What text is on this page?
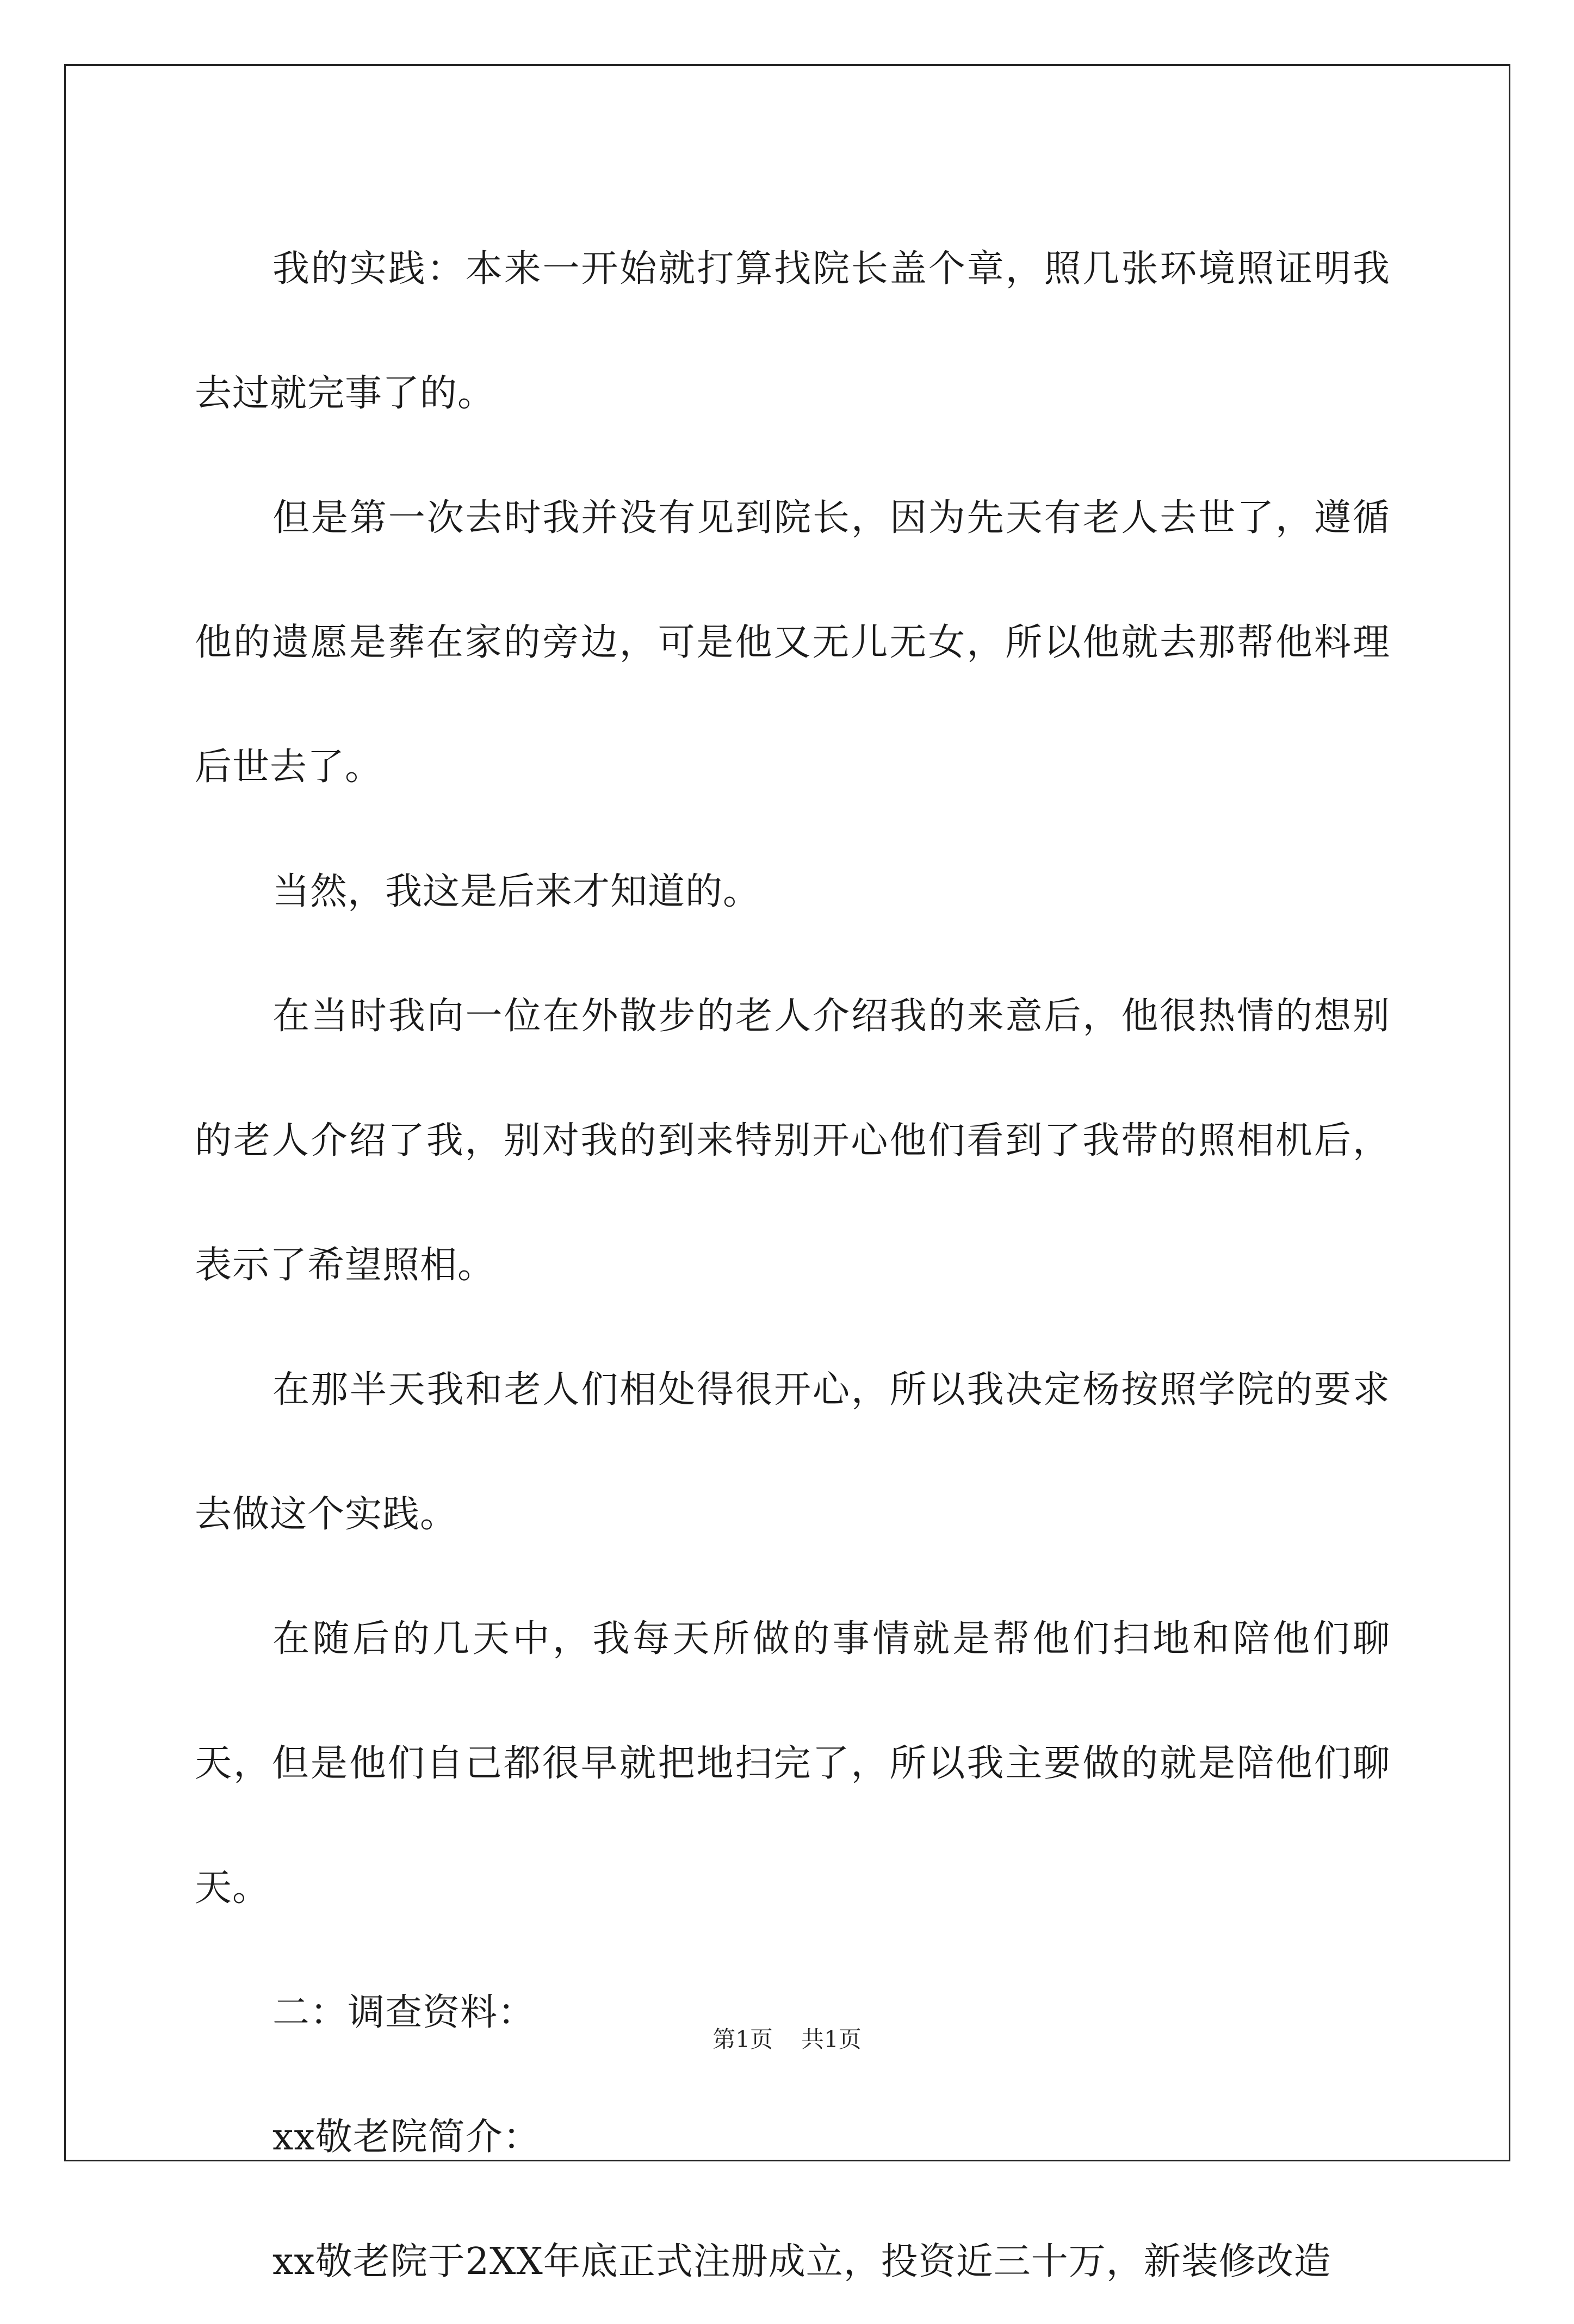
我的实践：本来一开始就打算找院长盖个章，照几张环境照证明我去过就完事了的。

但是第一次去时我并没有见到院长，因为先天有老人去世了，遵循他的遗愿是葬在家的旁边，可是他又无儿无女，所以他就去那帮他料理后世去了。

当然，我这是后来才知道的。

在当时我向一位在外散步的老人介绍我的来意后，他很热情的想别的老人介绍了我，别对我的到来特别开心他们看到了我带的照相机后，表示了希望照相。

在那半天我和老人们相处得很开心，所以我决定杨按照学院的要求去做这个实践。

在随后的几天中，我每天所做的事情就是帮他们扫地和陪他们聊天，但是他们自己都很早就把地扫完了，所以我主要做的就是陪他们聊天。

二：调查资料：

xx敬老院简介：

xx敬老院于2XX年底正式注册成立，投资近三十万，新装修改造

第1页 共1页
